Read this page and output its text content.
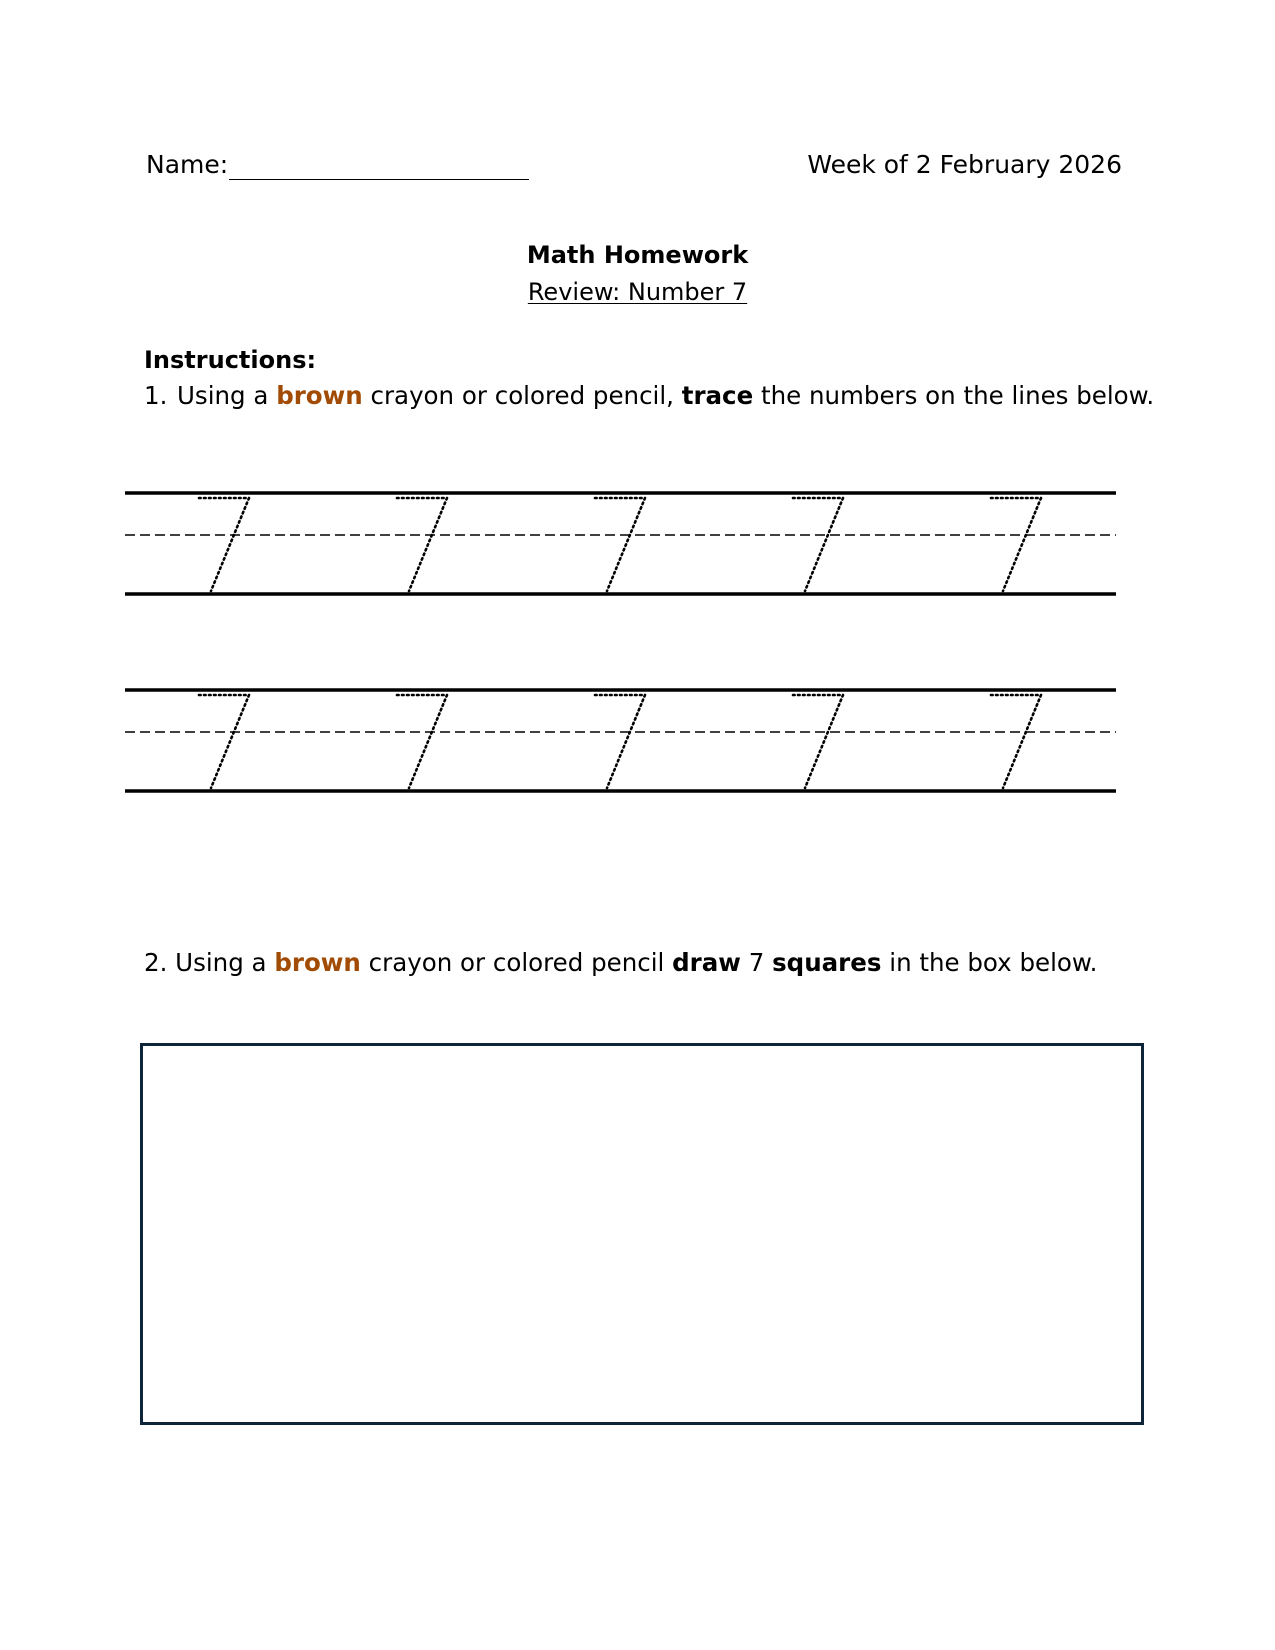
Name:	Week of 2 February 2026
Math Homework
Review: Number 7
Instructions:
1. Using a brown crayon or colored pencil, trace the numbers on the lines below.
2. Using a brown crayon or colored pencil draw 7 squares in the box below.
